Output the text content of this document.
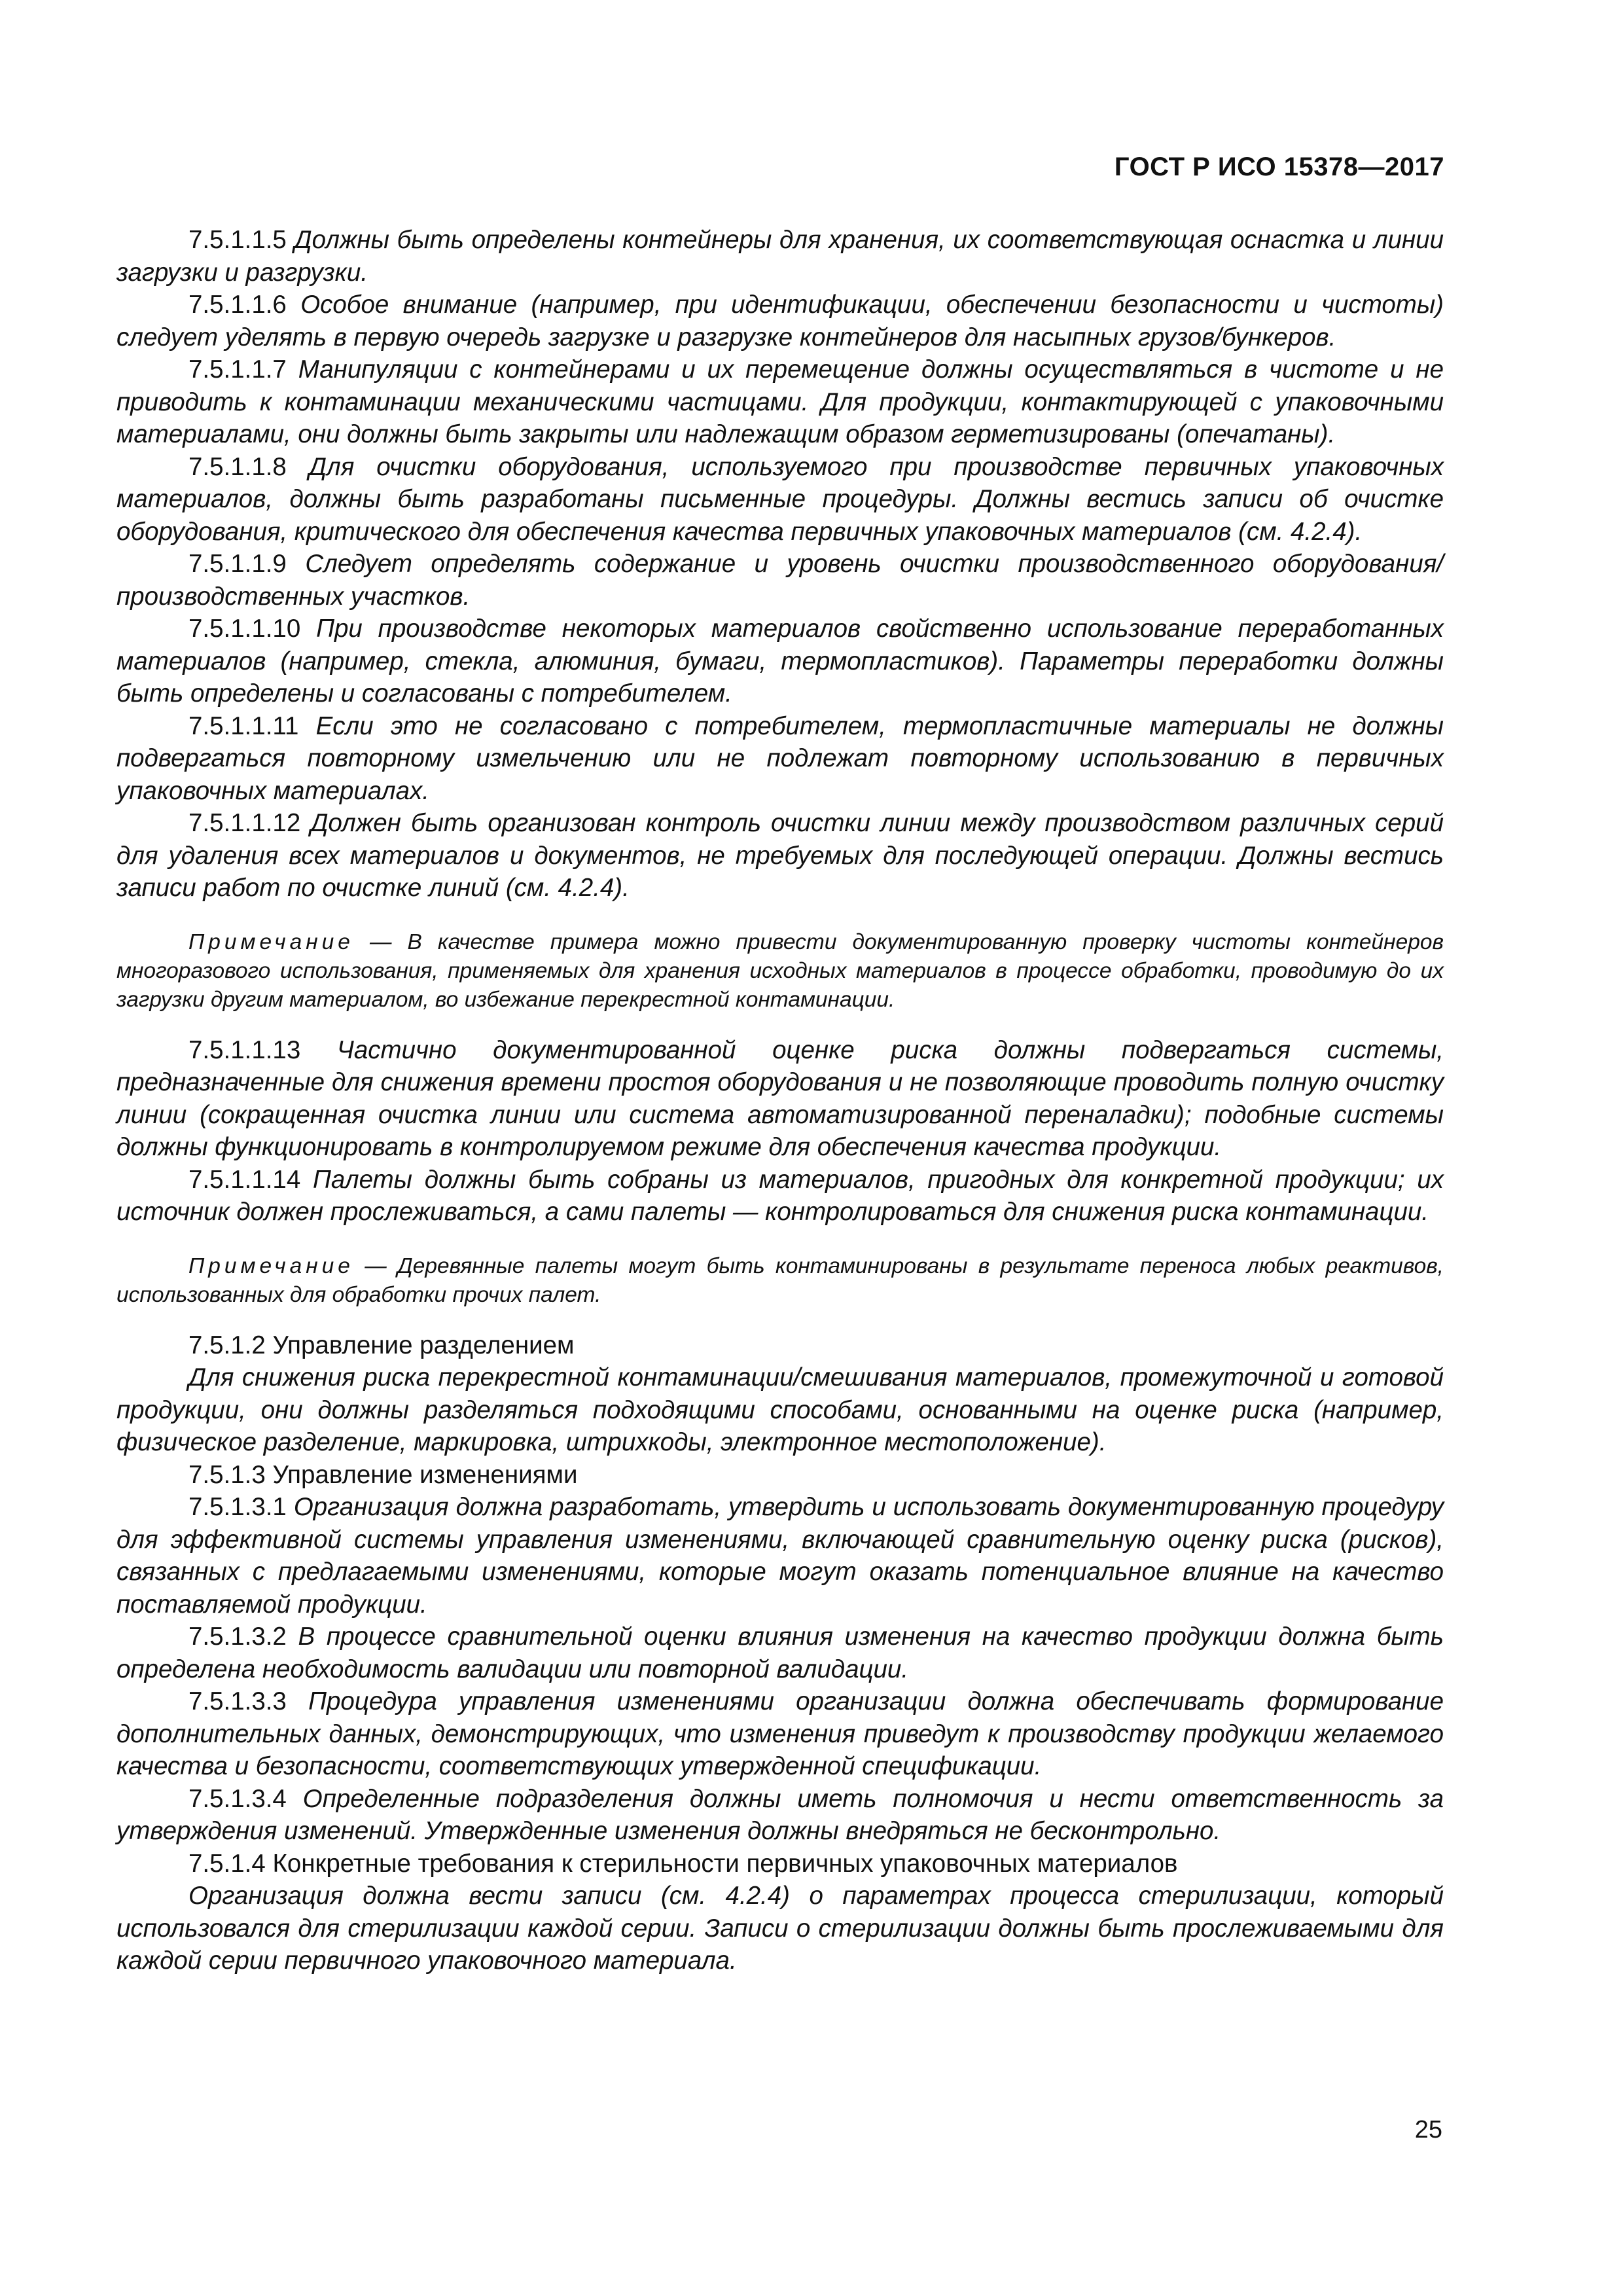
ГОСТ Р ИСО 15378—2017
7.5.1.1.5 Должны быть определены контейнеры для хранения, их соответствующая оснастка и линии загрузки и разгрузки.
7.5.1.1.6 Особое внимание (например, при идентификации, обеспечении безопасности и чистоты) следует уделять в первую очередь загрузке и разгрузке контейнеров для насыпных грузов/бункеров.
7.5.1.1.7 Манипуляции с контейнерами и их перемещение должны осуществляться в чистоте и не приводить к контаминации механическими частицами. Для продукции, контактирующей с упаковочными материалами, они должны быть закрыты или надлежащим образом герметизированы (опечатаны).
7.5.1.1.8 Для очистки оборудования, используемого при производстве первичных упаковочных материалов, должны быть разработаны письменные процедуры. Должны вестись записи об очистке оборудования, критического для обеспечения качества первичных упаковочных материалов (см. 4.2.4).
7.5.1.1.9 Следует определять содержание и уровень очистки производственного оборудования/производственных участков.
7.5.1.1.10 При производстве некоторых материалов свойственно использование переработанных материалов (например, стекла, алюминия, бумаги, термопластиков). Параметры переработки должны быть определены и согласованы с потребителем.
7.5.1.1.11 Если это не согласовано с потребителем, термопластичные материалы не должны подвергаться повторному измельчению или не подлежат повторному использованию в первичных упаковочных материалах.
7.5.1.1.12 Должен быть организован контроль очистки линии между производством различных серий для удаления всех материалов и документов, не требуемых для последующей операции. Должны вестись записи работ по очистке линий (см. 4.2.4).
Примечание — В качестве примера можно привести документированную проверку чистоты контейнеров многоразового использования, применяемых для хранения исходных материалов в процессе обработки, проводимую до их загрузки другим материалом, во избежание перекрестной контаминации.
7.5.1.1.13 Частично документированной оценке риска должны подвергаться системы, предназначенные для снижения времени простоя оборудования и не позволяющие проводить полную очистку линии (сокращенная очистка линии или система автоматизированной переналадки); подобные системы должны функционировать в контролируемом режиме для обеспечения качества продукции.
7.5.1.1.14 Палеты должны быть собраны из материалов, пригодных для конкретной продукции; их источник должен прослеживаться, а сами палеты — контролироваться для снижения риска контаминации.
Примечание — Деревянные палеты могут быть контаминированы в результате переноса любых реактивов, использованных для обработки прочих палет.
7.5.1.2 Управление разделением
Для снижения риска перекрестной контаминации/смешивания материалов, промежуточной и готовой продукции, они должны разделяться подходящими способами, основанными на оценке риска (например, физическое разделение, маркировка, штрихкоды, электронное местоположение).
7.5.1.3 Управление изменениями
7.5.1.3.1 Организация должна разработать, утвердить и использовать документированную процедуру для эффективной системы управления изменениями, включающей сравнительную оценку риска (рисков), связанных с предлагаемыми изменениями, которые могут оказать потенциальное влияние на качество поставляемой продукции.
7.5.1.3.2 В процессе сравнительной оценки влияния изменения на качество продукции должна быть определена необходимость валидации или повторной валидации.
7.5.1.3.3 Процедура управления изменениями организации должна обеспечивать формирование дополнительных данных, демонстрирующих, что изменения приведут к производству продукции желаемого качества и безопасности, соответствующих утвержденной спецификации.
7.5.1.3.4 Определенные подразделения должны иметь полномочия и нести ответственность за утверждения изменений. Утвержденные изменения должны внедряться не бесконтрольно.
7.5.1.4 Конкретные требования к стерильности первичных упаковочных материалов
Организация должна вести записи (см. 4.2.4) о параметрах процесса стерилизации, который использовался для стерилизации каждой серии. Записи о стерилизации должны быть прослеживаемыми для каждой серии первичного упаковочного материала.
25
